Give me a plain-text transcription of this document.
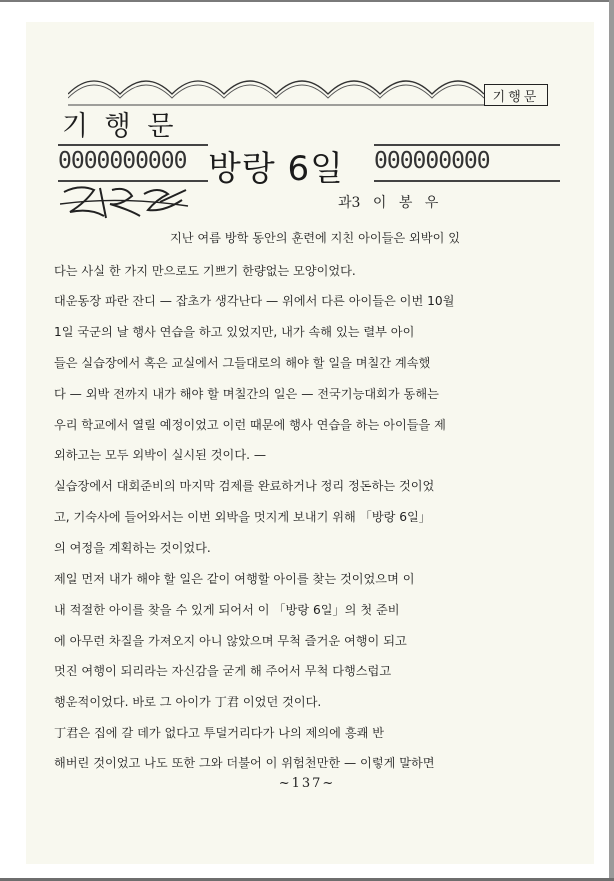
기행문
기 행 문
0000000000 방랑 6일 000000000
과3 이 봉 우
지난 여름 방학 동안의 훈련에 지친 아이들은 외박이 있
다는 사실 한 가지 만으로도 기쁘기 한량없는 모양이었다.
대운동장 파란 잔디 — 잡초가 생각난다 — 위에서 다른 아이들은 이번 10월
1일 국군의 날 행사 연습을 하고 있었지만, 내가 속해 있는 렬부 아이
들은 실습장에서 혹은 교실에서 그들대로의 해야 할 일을 며칠간 계속했
다 — 외박 전까지 내가 해야 할 며칠간의 일은 — 전국기능대회가 동해는
우리 학교에서 열릴 예정이었고 이런 때문에 행사 연습을 하는 아이들을 제
외하고는 모두 외박이 실시된 것이다. —
실습장에서 대회준비의 마지막 검제를 완료하거나 정리 정돈하는 것이었
고, 기숙사에 들어와서는 이번 외박을 멋지게 보내기 위해 「방랑 6일」
의 여정을 계획하는 것이었다.
제일 먼저 내가 해야 할 일은 같이 여행할 아이를 찾는 것이었으며 이
내 적절한 아이를 찾을 수 있게 되어서 이 「방랑 6일」의 첫 준비
에 아무런 차질을 가져오지 아니 않았으며 무척 즐거운 여행이 되고
멋진 여행이 되리라는 자신감을 굳게 해 주어서 무척 다행스럽고
행운적이었다. 바로 그 아이가 丁君 이었던 것이다.
丁君은 집에 갈 데가 없다고 투덜거리다가 나의 제의에 흥쾌 반
해버린 것이었고 나도 또한 그와 더불어 이 위험천만한 — 이렇게 말하면
~137~
